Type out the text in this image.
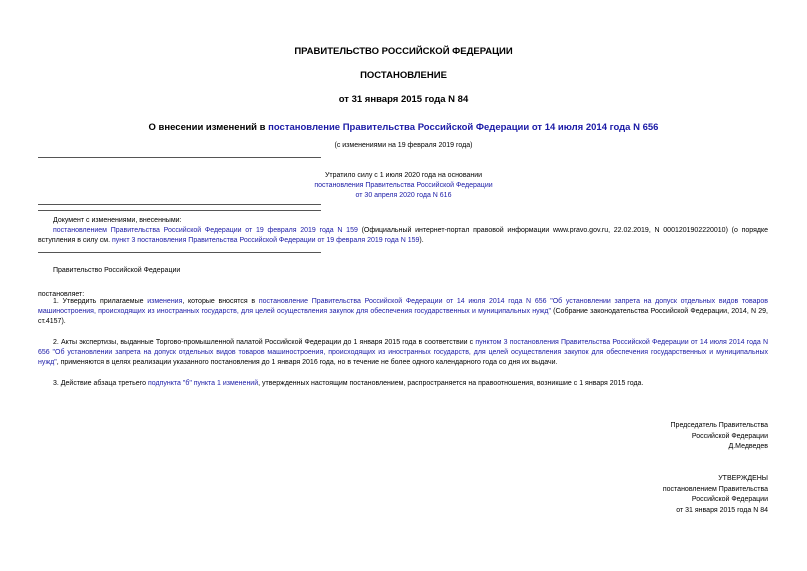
ПРАВИТЕЛЬСТВО РОССИЙСКОЙ ФЕДЕРАЦИИ
ПОСТАНОВЛЕНИЕ
от 31 января 2015 года N 84
О внесении изменений в постановление Правительства Российской Федерации от 14 июля 2014 года N 656
(с изменениями на 19 февраля 2019 года)
Утратило силу с 1 июля 2020 года на основании
постановления Правительства Российской Федерации
от 30 апреля 2020 года N 616

Документ с изменениями, внесенными:

постановлением Правительства Российской Федерации от 19 февраля 2019 года N 159 (Официальный интернет-портал правовой информации www.pravo.gov.ru, 22.02.2019, N 0001201902220010) (о порядке вступления в силу см. пункт 3 постановления Правительства Российской Федерации от 19 февраля 2019 года N 159).

Правительство Российской Федерации
постановляет:
1. Утвердить прилагаемые изменения, которые вносятся в постановление Правительства Российской Федерации от 14 июля 2014 года N 656 "Об установлении запрета на допуск отдельных видов товаров машиностроения, происходящих из иностранных государств, для целей осуществления закупок для обеспечения государственных и муниципальных нужд" (Собрание законодательства Российской Федерации, 2014, N 29, ст.4157).
2. Акты экспертизы, выданные Торгово-промышленной палатой Российской Федерации до 1 января 2015 года в соответствии с пунктом 3 постановления Правительства Российской Федерации от 14 июля 2014 года N 656 "Об установлении запрета на допуск отдельных видов товаров машиностроения, происходящих из иностранных государств, для целей осуществления закупок для обеспечения государственных и муниципальных нужд", применяются в целях реализации указанного постановления до 1 января 2016 года, но в течение не более одного календарного года со дня их выдачи.
3. Действие абзаца третьего подпункта "б" пункта 1 изменений, утвержденных настоящим постановлением, распространяется на правоотношения, возникшие с 1 января 2015 года.
Председатель Правительства
Российской Федерации
Д.Медведев
УТВЕРЖДЕНЫ
постановлением Правительства
Российской Федерации
от 31 января 2015 года N 84
